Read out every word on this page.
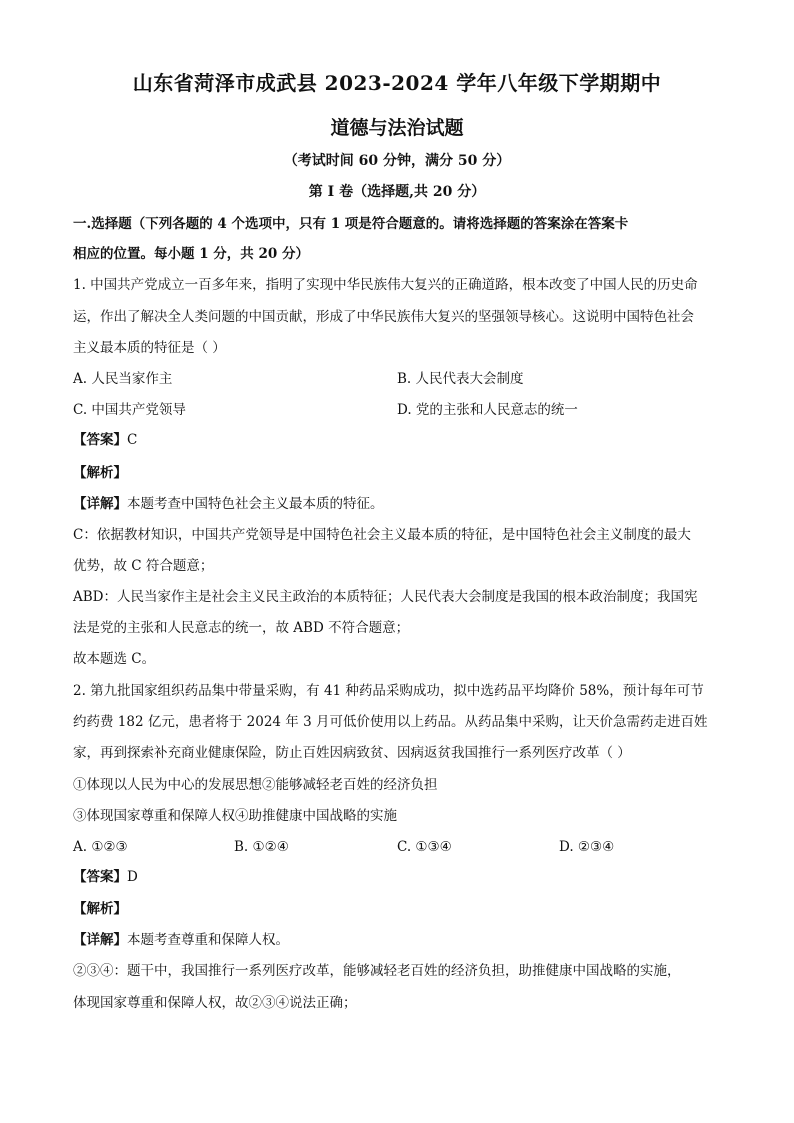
山东省菏泽市成武县 2023-2024 学年八年级下学期期中
道德与法治试题
（考试时间 60 分钟，满分 50 分）
第 I 卷（选择题,共 20 分）
一.选择题（下列各题的 4 个选项中，只有 1 项是符合题意的。请将选择题的答案涂在答案卡
相应的位置。每小题 1 分，共 20 分）
1. 中国共产党成立一百多年来，指明了实现中华民族伟大复兴的正确道路，根本改变了中国人民的历史命
运，作出了解决全人类问题的中国贡献，形成了中华民族伟大复兴的坚强领导核心。这说明中国特色社会
主义最本质的特征是（ ）
A. 人民当家作主	B. 人民代表大会制度
C. 中国共产党领导	D. 党的主张和人民意志的统一
【答案】C
【解析】
【详解】本题考查中国特色社会主义最本质的特征。
C：依据教材知识，中国共产党领导是中国特色社会主义最本质的特征，是中国特色社会主义制度的最大
优势，故 C 符合题意；
ABD：人民当家作主是社会主义民主政治的本质特征；人民代表大会制度是我国的根本政治制度；我国宪
法是党的主张和人民意志的统一，故 ABD 不符合题意；
故本题选 C。
2. 第九批国家组织药品集中带量采购，有 41 种药品采购成功，拟中选药品平均降价 58%，预计每年可节
约药费 182 亿元，患者将于 2024 年 3 月可低价使用以上药品。从药品集中采购，让天价急需药走进百姓
家，再到探索补充商业健康保险，防止百姓因病致贫、因病返贫我国推行一系列医疗改革（ ）
①体现以人民为中心的发展思想②能够减轻老百姓的经济负担
③体现国家尊重和保障人权④助推健康中国战略的实施
A. ①②③	B. ①②④	C. ①③④	D. ②③④
【答案】D
【解析】
【详解】本题考查尊重和保障人权。
②③④：题干中，我国推行一系列医疗改革，能够减轻老百姓的经济负担，助推健康中国战略的实施，
体现国家尊重和保障人权，故②③④说法正确；
